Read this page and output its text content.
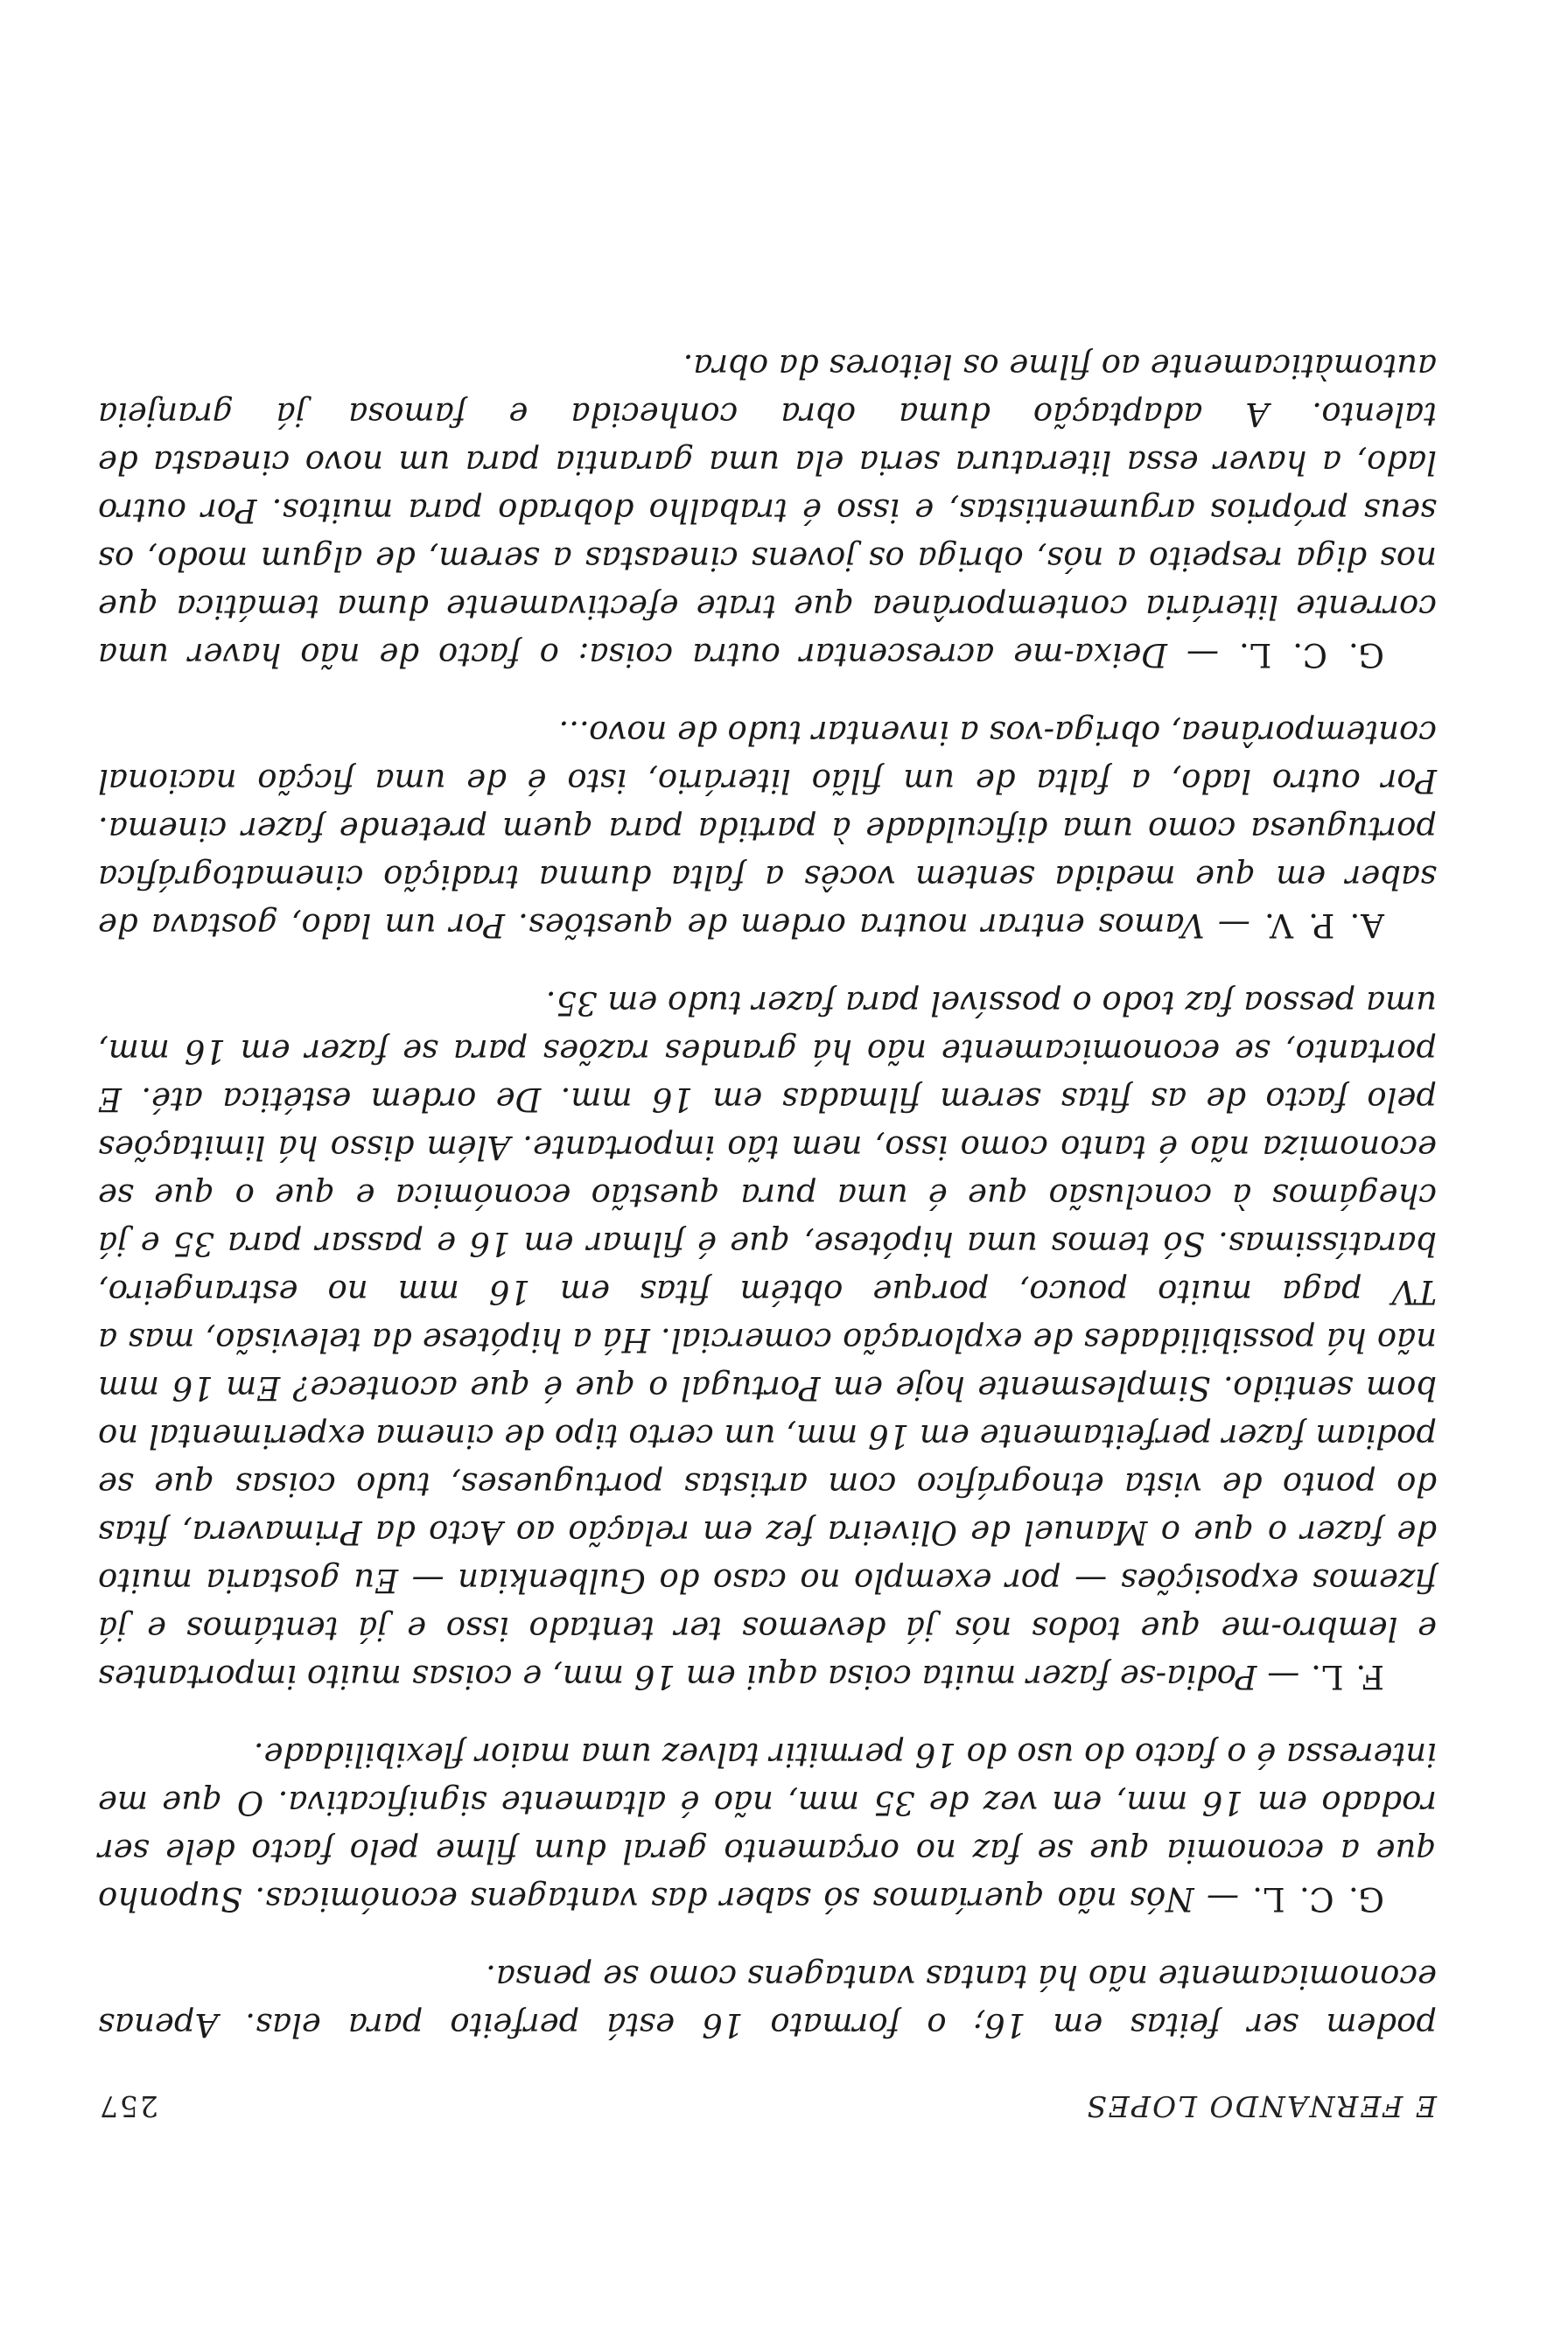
E FERNANDO LOPES
257

podem ser feitas em 16; o formato 16 está perfeito para elas. Apenas economicamente não há tantas vantagens como se pensa.

G. C. L. — Nós não queríamos só saber das vantagens económicas. Suponho que a economia que se faz no orçamento geral dum filme pelo facto dele ser rodado em 16 mm, em vez de 35 mm, não é altamente significativa. O que me interessa é o facto do uso do 16 permitir talvez uma maior flexibilidade.

F. L. — Podia-se fazer muita coisa aqui em 16 mm, e coisas muito importantes e lembro-me que todos nós já devemos ter tentado isso e já tentámos e já fizemos exposições — por exemplo no caso do Gulbenkian — Eu gostaria muito de fazer o que o Manuel de Oliveira fez em relação ao Acto da Primavera, fitas do ponto de vista etnográfico com artistas portugueses, tudo coisas que se podiam fazer perfeitamente em 16 mm, um certo tipo de cinema experimental no bom sentido. Simplesmente hoje em Portugal o que é que acontece? Em 16 mm não há possibilidades de exploração comercial. Há a hipótese da televisão, mas a TV paga muito pouco, porque obtém fitas em 16 mm no estrangeiro, baratíssimas. Só temos uma hipótese, que é filmar em 16 e passar para 35 e já chegámos à conclusão que é uma pura questão económica e que o que se economiza não é tanto como isso, nem tão importante. Além disso há limitações pelo facto de as fitas serem filmadas em 16 mm. De ordem estética até. E portanto, se economicamente não há grandes razões para se fazer em 16 mm, uma pessoa faz todo o possível para fazer tudo em 35.

A. P. V. — Vamos entrar noutra ordem de questões. Por um lado, gostava de saber em que medida sentem vocês a falta dumna tradição cinematográfica portuguesa como uma dificuldade à partida para quem pretende fazer cinema. Por outro lado, a falta de um filão literário, isto é de uma ficção nacional contemporânea, obriga-vos a inventar tudo de novo...

G. C. L. — Deixa-me acrescentar outra coisa: o facto de não haver uma corrente literária contemporânea que trate efectivamente duma temática que nos diga respeito a nós, obriga os jovens cineastas a serem, de algum modo, os seus próprios argumentistas, e isso é trabalho dobrado para muitos. Por outro lado, a haver essa literatura seria ela uma garantia para um novo cineasta de talento. A adaptação duma obra conhecida e famosa já granjeia automàticamente ao filme os leitores da obra.
